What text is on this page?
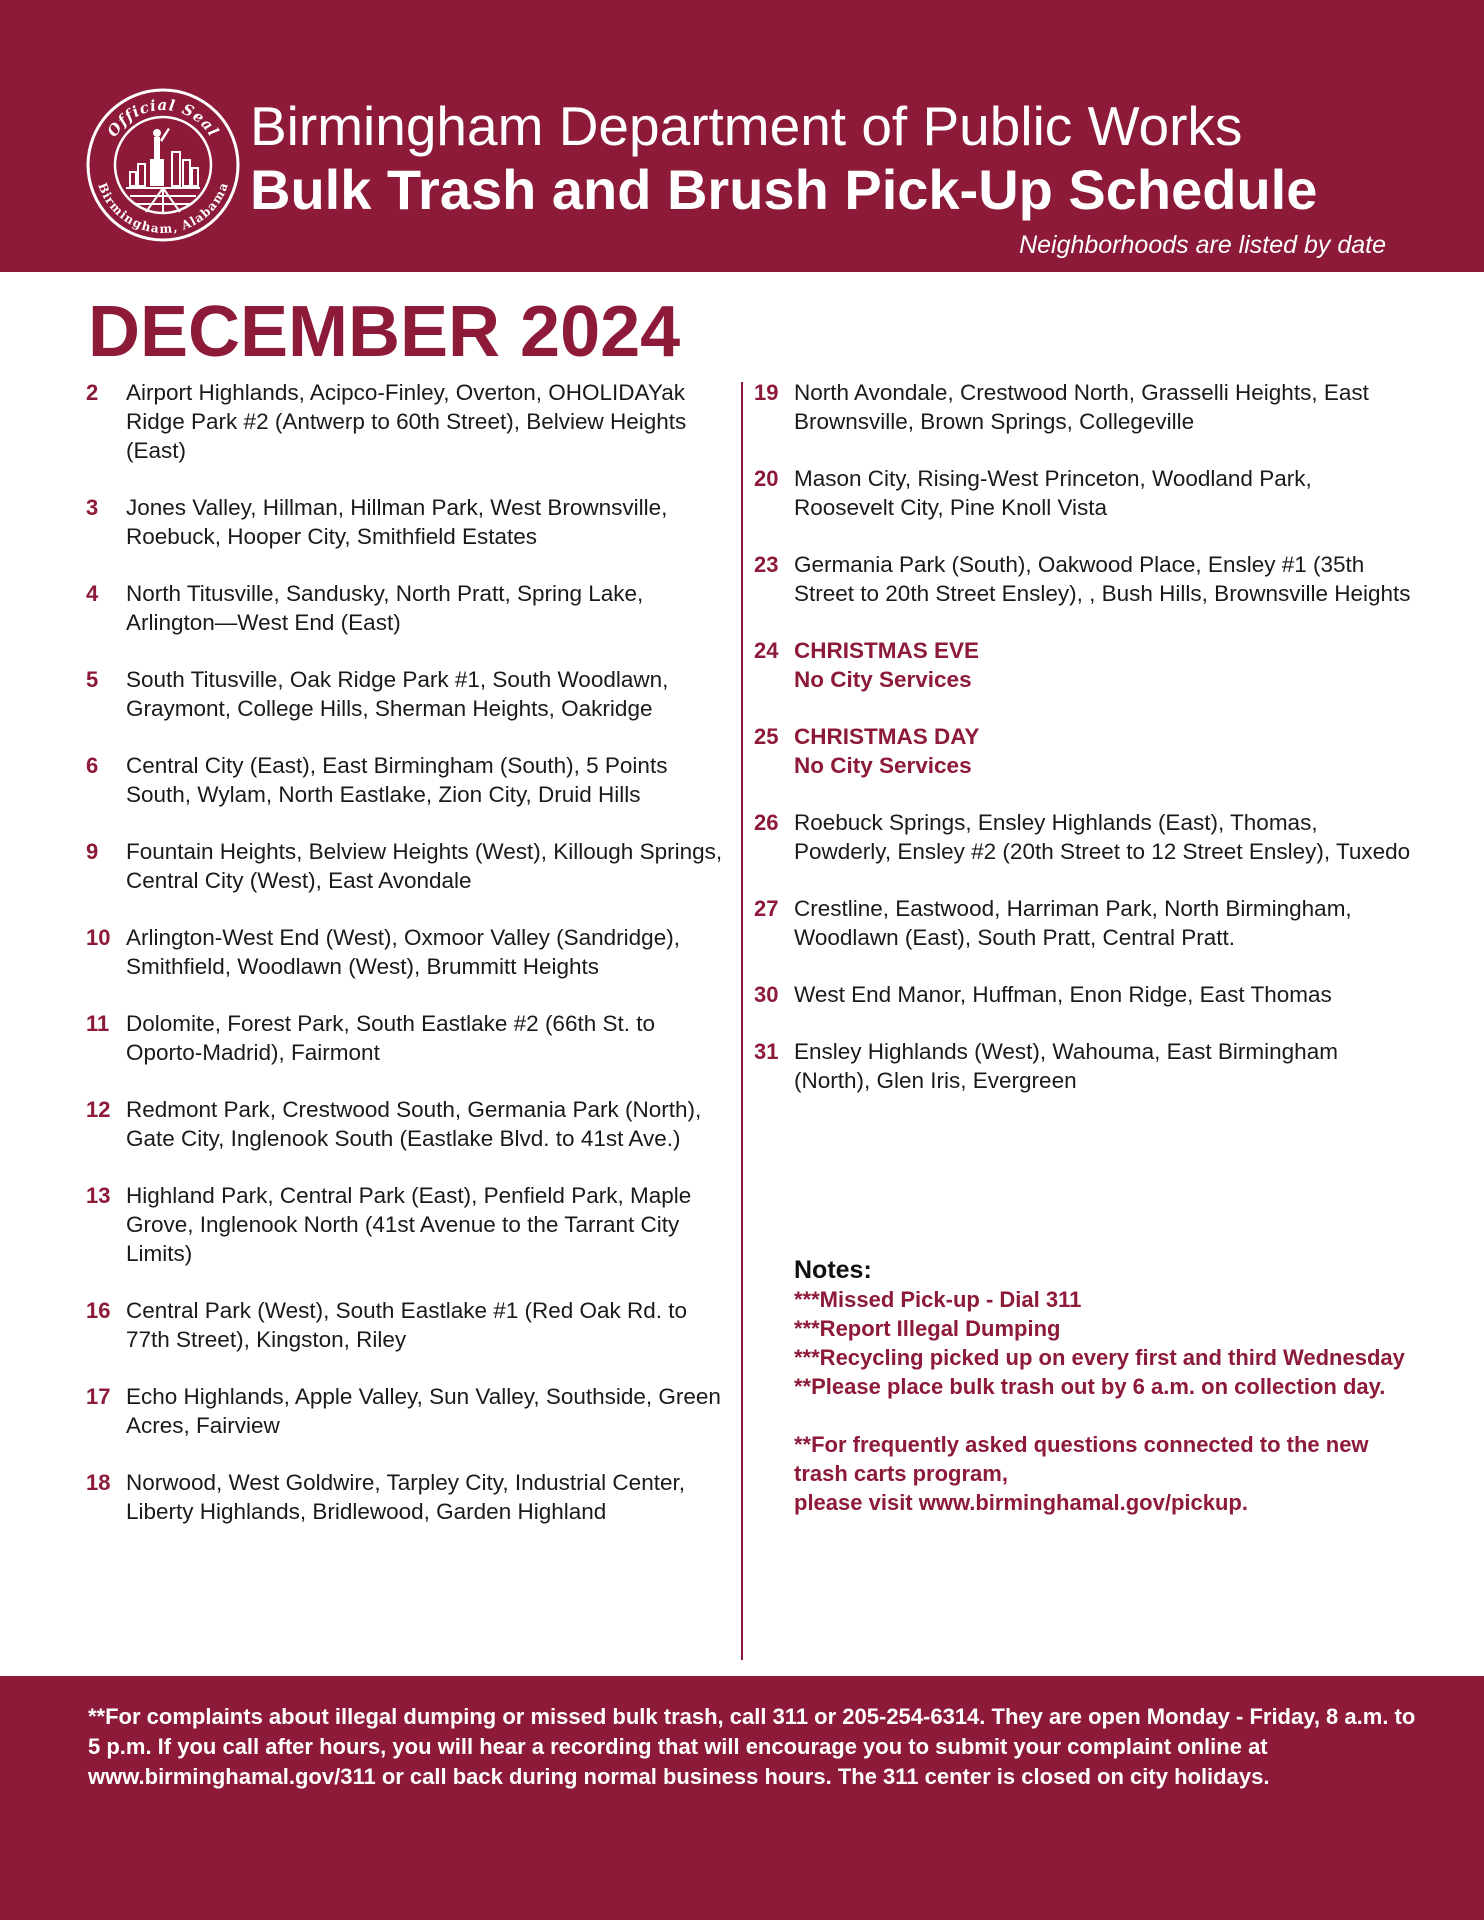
Official Seal
Birmingham, Alabama
Birmingham Department of Public Works
Bulk Trash and Brush Pick-Up Schedule
Neighborhoods are listed by date
DECEMBER 2024
2	Airport Highlands, Acipco-Finley, Overton, OHOLIDAYak Ridge Park #2 (Antwerp to 60th Street), Belview Heights (East)
3	Jones Valley, Hillman, Hillman Park, West Brownsville, Roebuck, Hooper City, Smithfield Estates
4	North Titusville, Sandusky, North Pratt, Spring Lake, Arlington—West End (East)
5	South Titusville, Oak Ridge Park #1, South Woodlawn, Graymont, College Hills, Sherman Heights, Oakridge
6	Central City (East), East Birmingham (South), 5 Points South, Wylam, North Eastlake, Zion City, Druid Hills
9	Fountain Heights, Belview Heights (West), Killough Springs, Central City (West), East Avondale
10 Arlington-West End (West), Oxmoor Valley (Sandridge), Smithfield, Woodlawn (West), Brummitt Heights
11 Dolomite, Forest Park, South Eastlake #2 (66th St. to Oporto-Madrid), Fairmont
12 Redmont Park, Crestwood South, Germania Park (North), Gate City, Inglenook South (Eastlake Blvd. to 41st Ave.)
13 Highland Park, Central Park (East), Penfield Park, Maple Grove, Inglenook North (41st Avenue to the Tarrant City Limits)
16 Central Park (West), South Eastlake #1 (Red Oak Rd. to 77th Street), Kingston, Riley
17 Echo Highlands, Apple Valley, Sun Valley, Southside, Green Acres, Fairview
18 Norwood, West Goldwire, Tarpley City, Industrial Center, Liberty Highlands, Bridlewood, Garden Highland
19 North Avondale, Crestwood North, Grasselli Heights, East Brownsville, Brown Springs, Collegeville
20 Mason City, Rising-West Princeton, Woodland Park, Roosevelt City, Pine Knoll Vista
23 Germania Park (South), Oakwood Place, Ensley #1 (35th Street to 20th Street Ensley), , Bush Hills, Brownsville Heights
24 CHRISTMAS EVE
No City Services
25 CHRISTMAS DAY
No City Services
26 Roebuck Springs, Ensley Highlands (East), Thomas, Powderly, Ensley #2 (20th Street to 12 Street Ensley), Tuxedo
27 Crestline, Eastwood, Harriman Park, North Birmingham, Woodlawn (East), South Pratt, Central Pratt.
30 West End Manor, Huffman, Enon Ridge, East Thomas
31 Ensley Highlands (West), Wahouma, East Birmingham (North), Glen Iris, Evergreen
Notes:
***Missed Pick-up - Dial 311
***Report Illegal Dumping
***Recycling picked up on every first and third Wednesday
**Please place bulk trash out by 6 a.m. on collection day.
**For frequently asked questions connected to the new trash carts program,
please visit www.birminghamal.gov/pickup.
**For complaints about illegal dumping or missed bulk trash, call 311 or 205-254-6314. They are open Monday - Friday, 8 a.m. to 5 p.m. If you call after hours, you will hear a recording that will encourage you to submit your complaint online at www.birminghamal.gov/311 or call back during normal business hours. The 311 center is closed on city holidays.
